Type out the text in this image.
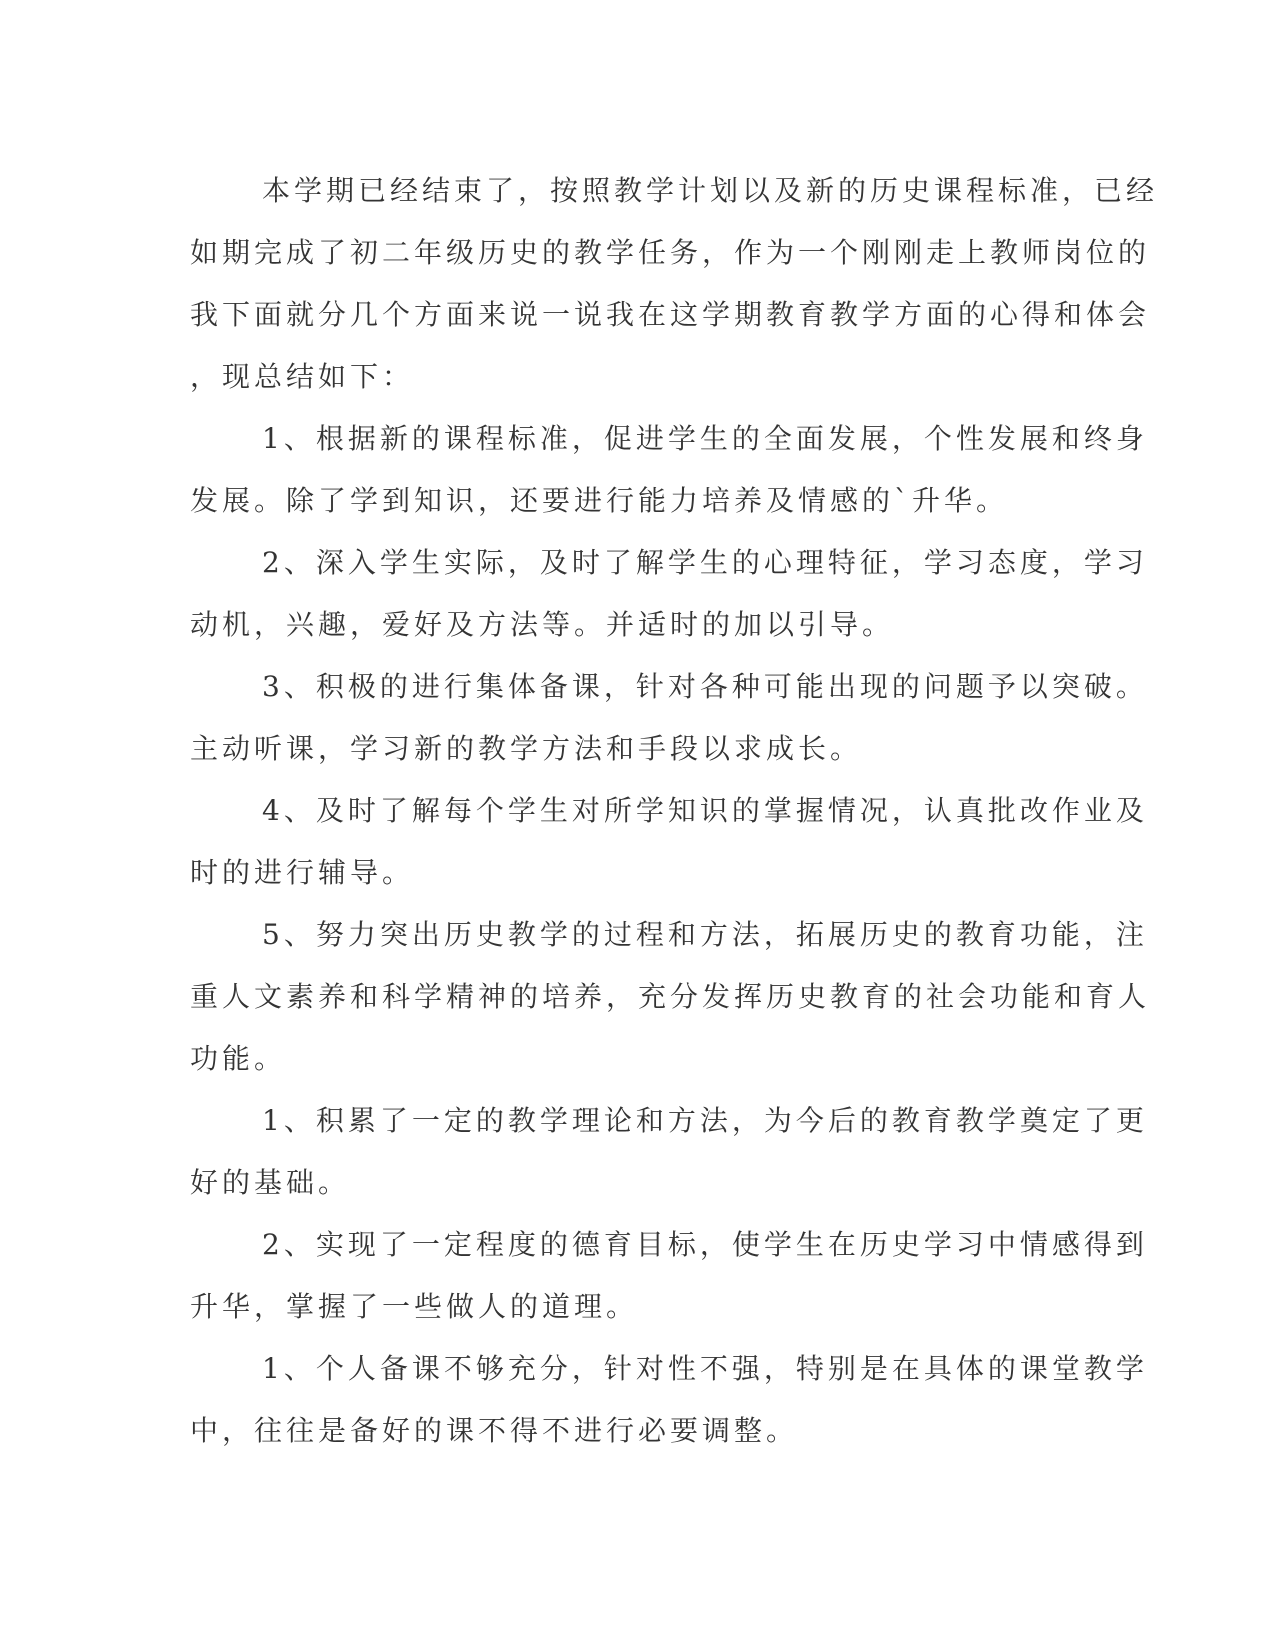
本学期已经结束了，按照教学计划以及新的历史课程标准，已经
如期完成了初二年级历史的教学任务，作为一个刚刚走上教师岗位的
我下面就分几个方面来说一说我在这学期教育教学方面的心得和体会
，现总结如下：
1、根据新的课程标准，促进学生的全面发展，个性发展和终身
发展。除了学到知识，还要进行能力培养及情感的`升华。
2、深入学生实际，及时了解学生的心理特征，学习态度，学习
动机，兴趣，爱好及方法等。并适时的加以引导。
3、积极的进行集体备课，针对各种可能出现的问题予以突破。
主动听课，学习新的教学方法和手段以求成长。
4、及时了解每个学生对所学知识的掌握情况，认真批改作业及
时的进行辅导。
5、努力突出历史教学的过程和方法，拓展历史的教育功能，注
重人文素养和科学精神的培养，充分发挥历史教育的社会功能和育人
功能。
1、积累了一定的教学理论和方法，为今后的教育教学奠定了更
好的基础。
2、实现了一定程度的德育目标，使学生在历史学习中情感得到
升华，掌握了一些做人的道理。
1、个人备课不够充分，针对性不强，特别是在具体的课堂教学
中，往往是备好的课不得不进行必要调整。
